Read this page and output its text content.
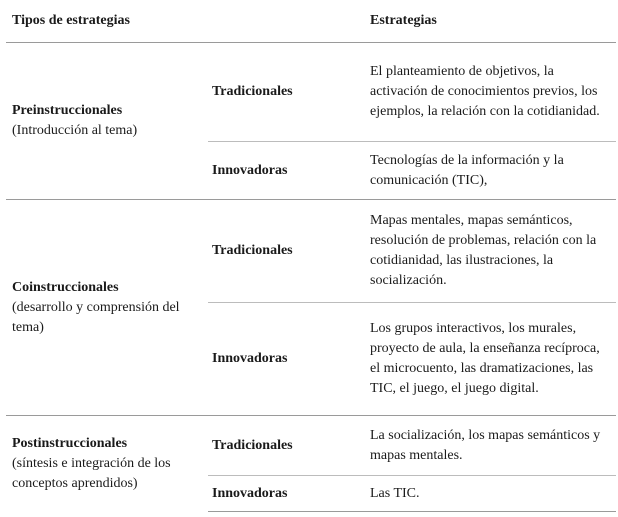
Tipos de estrategias		Estrategias

Preinstruccionales
(Introducción al tema)	Tradicionales	El planteamiento de objetivos, la activación de conocimientos previos, los ejemplos, la relación con la cotidianidad.
	Innovadoras	Tecnologías de la información y la comunicación (TIC),

Coinstruccionales
(desarrollo y comprensión del tema)	Tradicionales	Mapas mentales, mapas semánticos, resolución de problemas, relación con la cotidianidad, las ilustraciones, la socialización.
	Innovadoras	Los grupos interactivos, los murales, proyecto de aula, la enseñanza recíproca, el microcuento, las dramatizaciones, las TIC, el juego, el juego digital.

Postinstruccionales
(síntesis e integración de los conceptos aprendidos)	Tradicionales	La socialización, los mapas semánticos y mapas mentales.
	Innovadoras	Las TIC.
